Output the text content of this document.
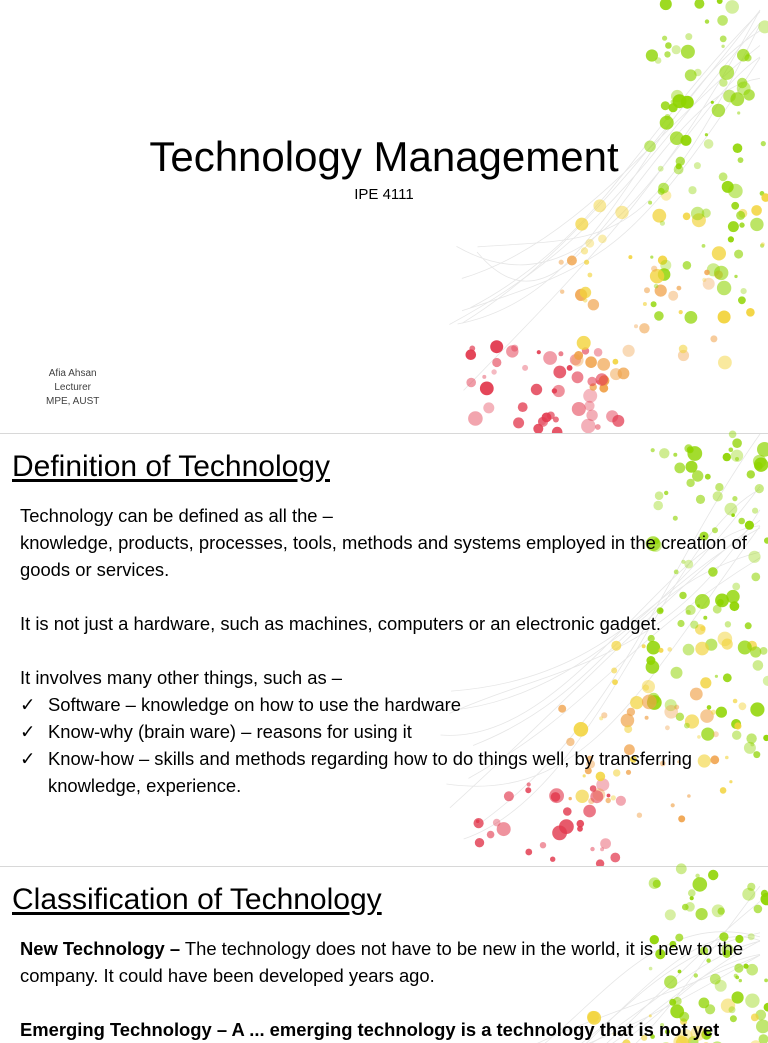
Technology Management
IPE 4111
Afia Ahsan
Lecturer
MPE, AUST
Definition of Technology

Technology can be defined as all the –

knowledge, products, processes, tools, methods and systems employed in the creation of goods or services.

It is not just a hardware, such as machines, computers or an electronic gadget.

It involves many other things, such as –

✓ Software – knowledge on how to use the hardware
✓ Know-why (brain ware) – reasons for using it
✓ Know-how – skills and methods regarding how to do things well, by transferring knowledge, experience.
Classification of Technology

New Technology – The technology does not have to be new in the world, it is new to the company. It could have been developed years ago.

Emerging Technology – A ... emerging technology is a technology that is not yet
